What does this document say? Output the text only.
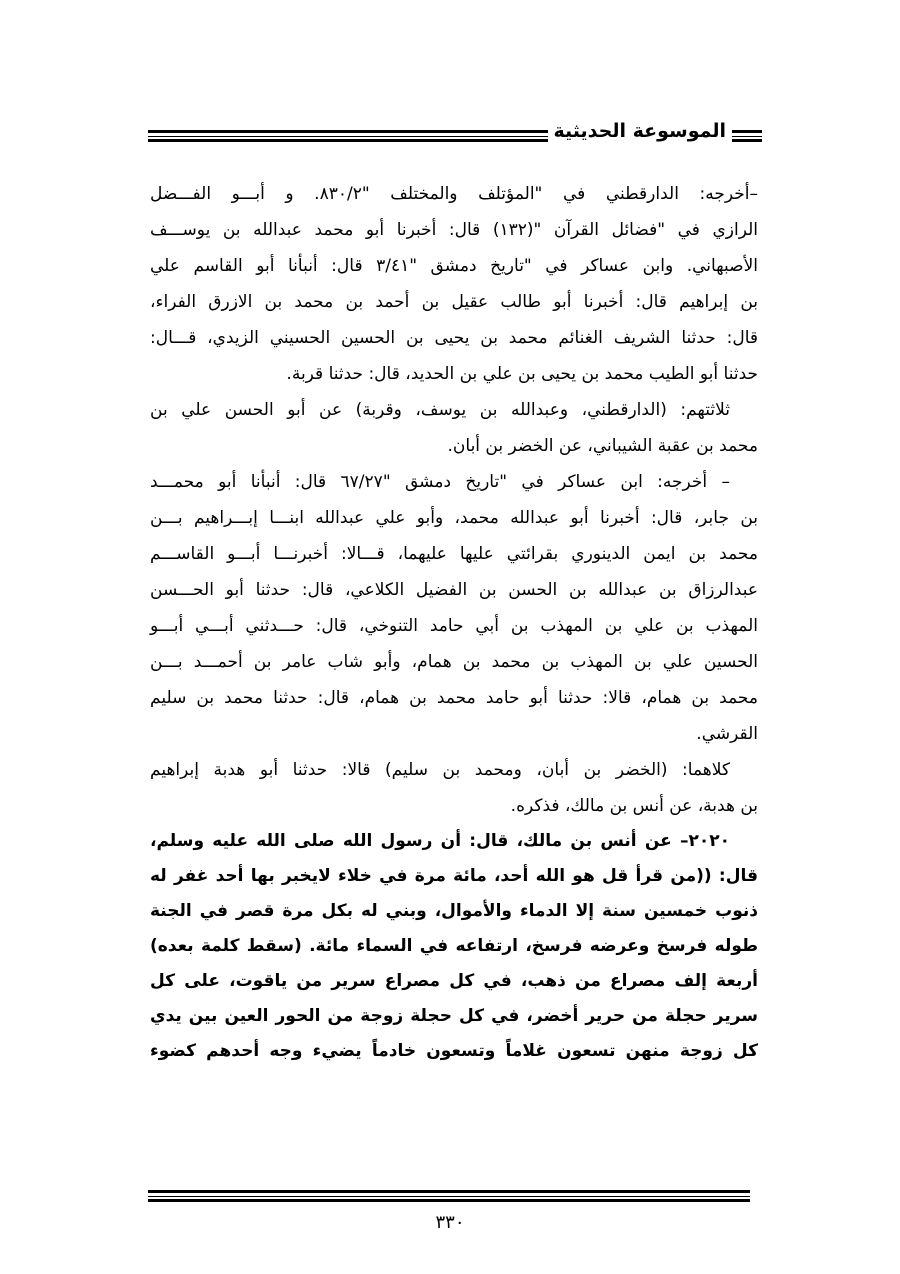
الموسوعة الحديثية

–أخرجه: الدارقطني في "المؤتلف والمختلف "٨٣٠/٢. و أبـــو الفـــضل
الرازي في "فضائل القرآن "(١٣٢) قال: أخبرنا أبو محمد عبدالله بن يوســـف
الأصبهاني. وابن عساكر في "تاريخ دمشق "٣/٤١ قال: أنبأنا أبو القاسم علي
بن إبراهيم قال: أخبرنا أبو طالب عقيل بن أحمد بن محمد بن الازرق الفراء،
قال: حدثنا الشريف الغنائم محمد بن يحيى بن الحسين الحسيني الزيدي، قـــال:
حدثنا أبو الطيب محمد بن يحيى بن علي بن الحديد، قال: حدثنا قربة.

ثلاثتهم: (الدارقطني، وعبدالله بن يوسف، وقربة) عن أبو الحسن علي بن
محمد بن عقبة الشيباني، عن الخضر بن أبان.

– أخرجه: ابن عساكر في "تاريخ دمشق "٦٧/٢٧ قال: أنبأنا أبو محمـــد
بن جابر، قال: أخبرنا أبو عبدالله محمد، وأبو علي عبدالله ابنـــا إبـــراهيم بـــن
محمد بن ايمن الدينوري بقرائتي عليها عليهما، قـــالا: أخبرنـــا أبـــو القاســـم
عبدالرزاق بن عبدالله بن الحسن بن الفضيل الكلاعي، قال: حدثنا أبو الحـــسن
المهذب بن علي بن المهذب بن أبي حامد التنوخي، قال: حـــدثني أبـــي أبـــو
الحسين علي بن المهذب بن محمد بن همام، وأبو شاب عامر بن أحمـــد بـــن
محمد بن همام، قالا: حدثنا أبو حامد محمد بن همام، قال: حدثنا محمد بن سليم
القرشي.

كلاهما: (الخضر بن أبان، ومحمد بن سليم) قالا: حدثنا أبو هدبة إبراهيم
بن هدبة، عن أنس بن مالك، فذكره.

٢٠٢٠– عن أنس بن مالك، قال: أن رسول الله صلى الله عليه وسلم،
قال: ((من قرأ قل هو الله أحد، مائة مرة في خلاء لايخبر بها أحد غفر له
ذنوب خمسين سنة إلا الدماء والأموال، وبني له بكل مرة قصر في الجنة
طوله فرسخ وعرضه فرسخ، ارتفاعه في السماء مائة. (سقط كلمة بعده)
أربعة إلف مصراع من ذهب، في كل مصراع سرير من ياقوت، على كل
سرير حجلة من حرير أخضر، في كل حجلة زوجة من الحور العين بين يدي
كل زوجة منهن تسعون غلاماً وتسعون خادماً يضيء وجه أحدهم كضوء

٣٣٠
